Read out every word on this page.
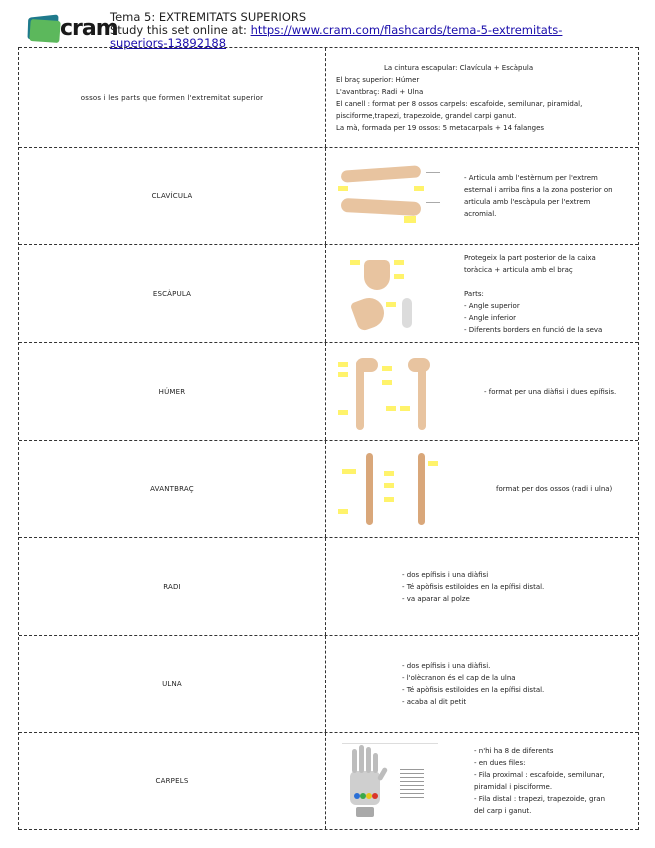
cram
Tema 5: EXTREMITATS SUPERIORS
Study this set online at: https://www.cram.com/flashcards/tema-5-extremitats-
superiors-13892188
ossos i les parts que formen l'extremitat superior
La cintura escapular: Clavícula + Escàpula
El braç superior: Húmer
L'avantbraç: Radi + Ulna
El canell : format per 8 ossos carpels: escafoide, semilunar, piramidal,
pisciforme,trapezi, trapezoide, grandel carpi ganut.
La mà, formada per 19 ossos: 5 metacarpals + 14 falanges
CLAVÍCULA
- Articula amb l'estèrnum per l'extrem
esternal i arriba fins a la zona posterior on
articula amb l'escàpula per l'extrem
acromial.
ESCÀPULA
Protegeix la part posterior de la caixa
toràcica + articula amb el braç

Parts:
- Angle superior
- Angle inferior
- Diferents borders en funció de la seva
HÚMER	- format per una diàfisi i dues epífisis.
AVANTBRAÇ	format per dos ossos (radi i ulna)
RADI
- dos epífisis i una diàfisi
- Té apòfisis estiloides en la epífisi distal.
- va aparar al polze
ULNA
- dos epífisis i una diàfisi.
- l'olècranon és el cap de la ulna
- Té apòfisis estiloides en la epífisi distal.
- acaba al dit petit
CARPELS
- n'hi ha 8 de diferents
- en dues files:
- Fila proximal : escafoide, semilunar,
piramidal i pisciforme.
- Fila distal : trapezi, trapezoide, gran
del carp i ganut.
